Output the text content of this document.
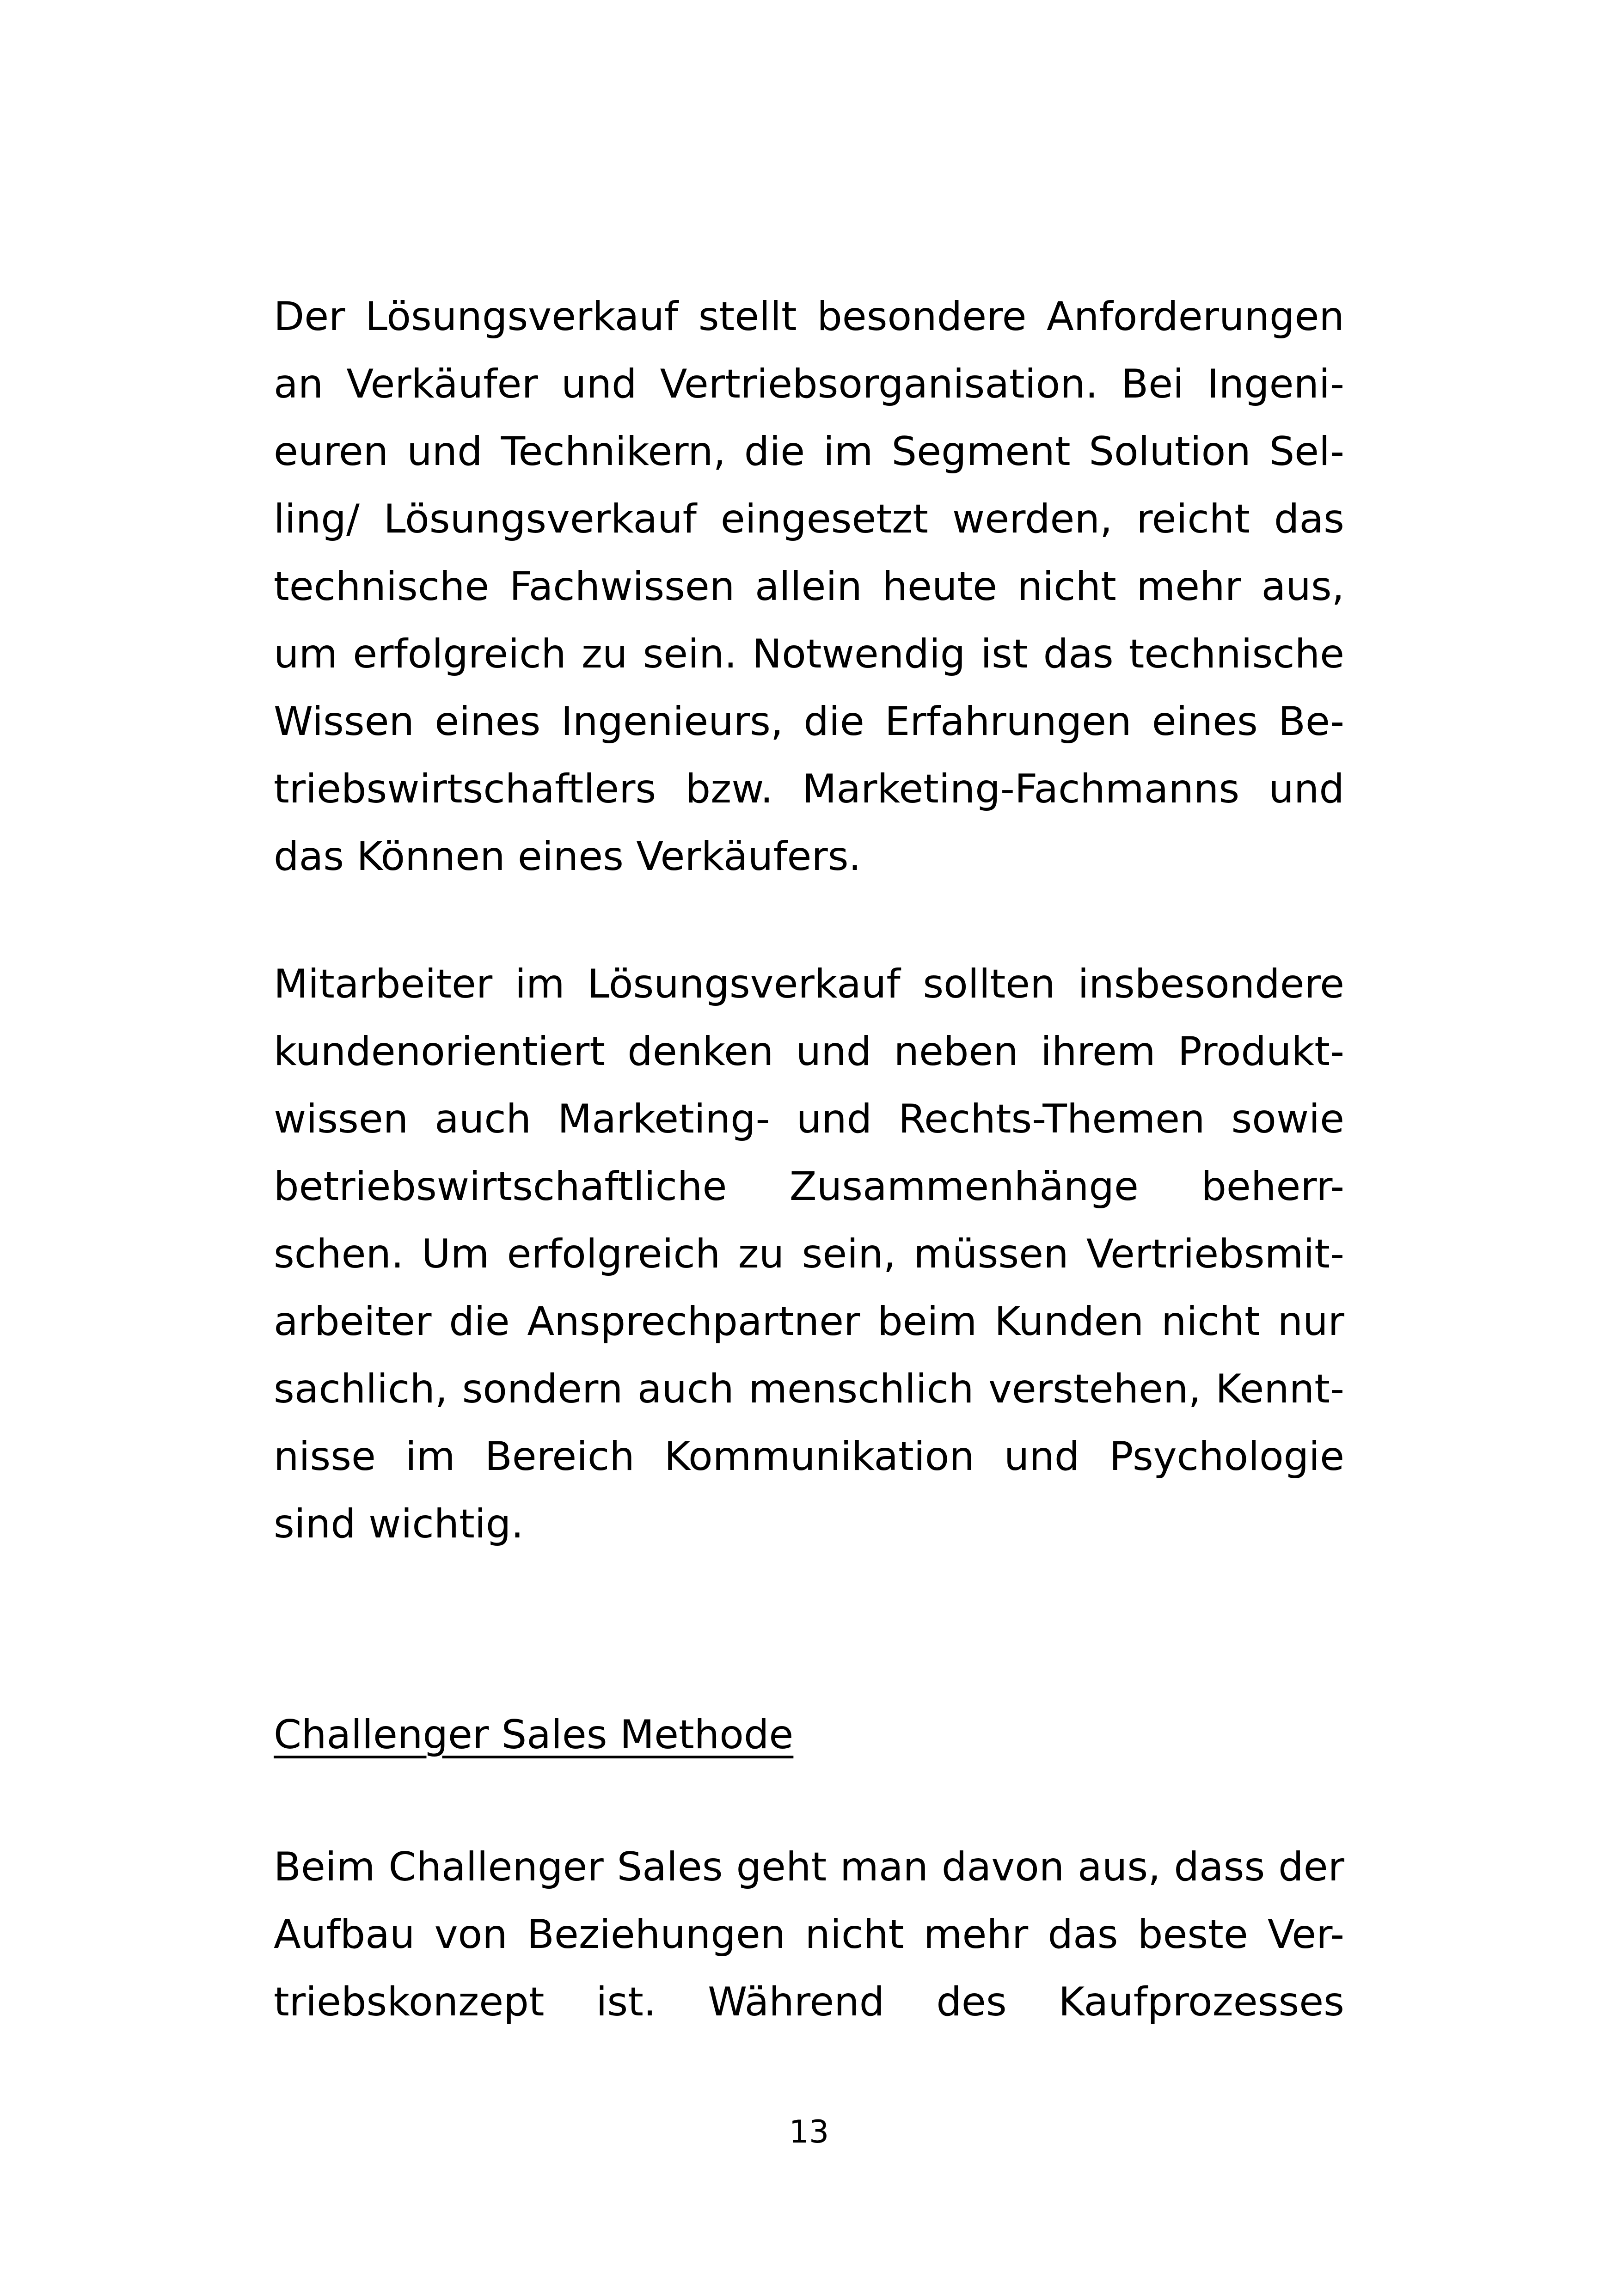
Der Lösungsverkauf stellt besondere Anforderungen
an Verkäufer und Vertriebsorganisation. Bei Ingeni-
euren und Technikern, die im Segment Solution Sel-
ling/ Lösungsverkauf eingesetzt werden, reicht das
technische Fachwissen allein heute nicht mehr aus,
um erfolgreich zu sein. Notwendig ist das technische
Wissen eines Ingenieurs, die Erfahrungen eines Be-
triebswirtschaftlers bzw. Marketing-Fachmanns und
das Können eines Verkäufers.
Mitarbeiter im Lösungsverkauf sollten insbesondere
kundenorientiert denken und neben ihrem Produkt-
wissen auch Marketing- und Rechts-Themen sowie
betriebswirtschaftliche Zusammenhänge beherr-
schen. Um erfolgreich zu sein, müssen Vertriebsmit-
arbeiter die Ansprechpartner beim Kunden nicht nur
sachlich, sondern auch menschlich verstehen, Kennt-
nisse im Bereich Kommunikation und Psychologie
sind wichtig.
Challenger Sales Methode
Beim Challenger Sales geht man davon aus, dass der
Aufbau von Beziehungen nicht mehr das beste Ver-
triebskonzept ist. Während des Kaufprozesses
13
